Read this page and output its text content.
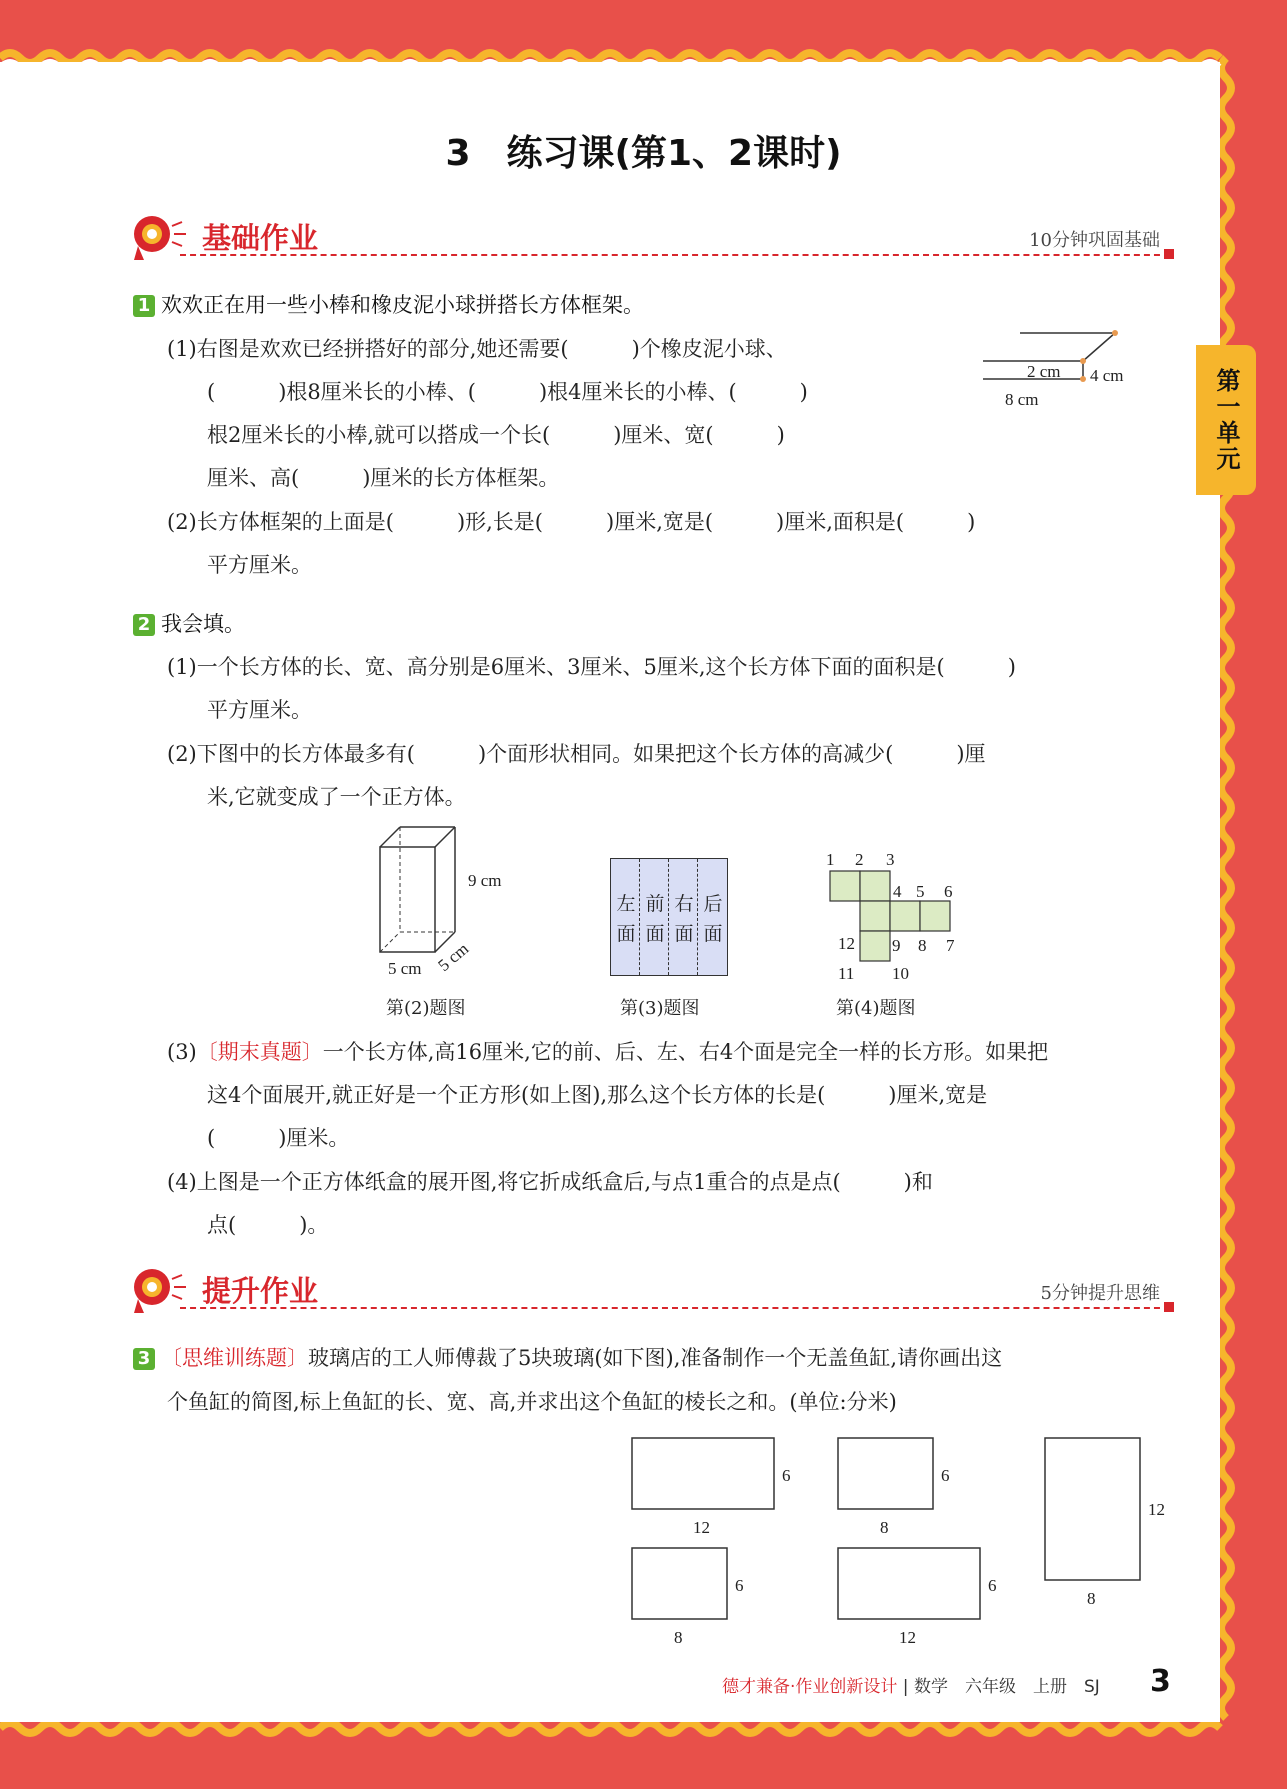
第一单元
3　练习课(第1、2课时)
基础作业	10分钟巩固基础
1 欢欢正在用一些小棒和橡皮泥小球拼搭长方体框架。
(1)右图是欢欢已经拼搭好的部分,她还需要(　　　)个橡皮泥小球、
(　　　)根8厘米长的小棒、(　　　)根4厘米长的小棒、(　　　)
根2厘米长的小棒,就可以搭成一个长(　　　)厘米、宽(　　　)
厘米、高(　　　)厘米的长方体框架。
(2)长方体框架的上面是(　　　)形,长是(　　　)厘米,宽是(　　　)厘米,面积是(　　　)
平方厘米。
2 cm 4 cm
8 cm
2 我会填。
(1)一个长方体的长、宽、高分别是6厘米、3厘米、5厘米,这个长方体下面的面积是(　　　)
平方厘米。
(2)下图中的长方体最多有(　　　)个面形状相同。如果把这个长方体的高减少(　　　)厘
米,它就变成了一个正方体。
9 cm
5 cm 5 cm
第(2)题图
左
面
前
面
右
面
后
面
第(3)题图
1 2 3
4 5 6
7
8
9
10
11
12
第(4)题图
(3)〔期末真题〕一个长方体,高16厘米,它的前、后、左、右4个面是完全一样的长方形。如果把
这4个面展开,就正好是一个正方形(如上图),那么这个长方体的长是(　　　)厘米,宽是
(　　　)厘米。
(4)上图是一个正方体纸盒的展开图,将它折成纸盒后,与点1重合的点是点(　　　)和
点(　　　)。
提升作业	5分钟提升思维
3 〔思维训练题〕玻璃店的工人师傅裁了5块玻璃(如下图),准备制作一个无盖鱼缸,请你画出这
个鱼缸的简图,标上鱼缸的长、宽、高,并求出这个鱼缸的棱长之和。(单位:分米)
6
12
6
8
12
8
6
8
6
12
德才兼备·作业创新设计 | 数学　六年级　上册　SJ 3
